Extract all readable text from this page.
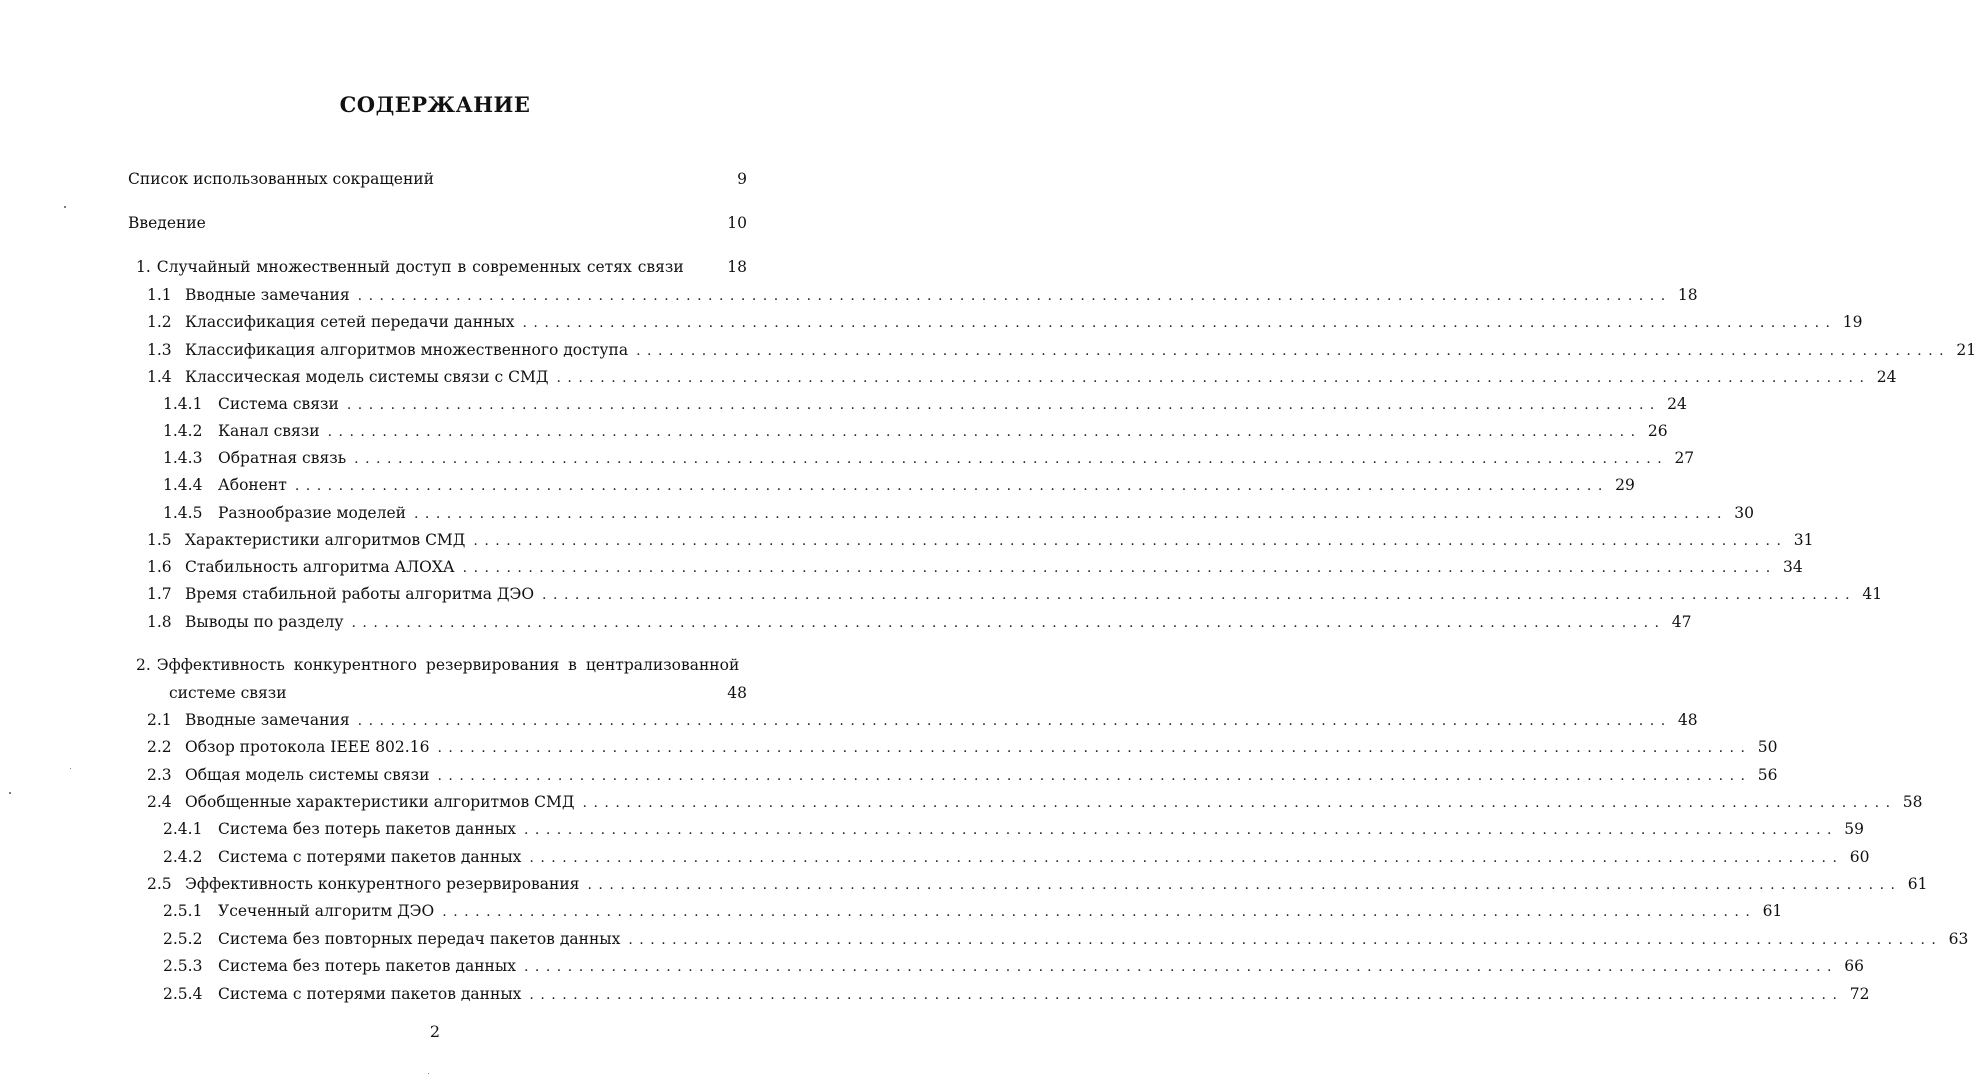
СОДЕРЖАНИЕ
Список использованных сокращений	9
Введение	10
1. Случайный множественный доступ в современных сетях связи	18
1.1 Вводные замечания ........................................................................................................................ 18
1.2 Классификация сетей передачи данных ........................................................................................................................ 19
1.3 Классификация алгоритмов множественного доступа ........................................................................................................................ 21
1.4 Классическая модель системы связи с СМД ........................................................................................................................ 24
1.4.1	Система связи ........................................................................................................................ 24
1.4.2	Канал связи ........................................................................................................................ 26
1.4.3	Обратная связь ........................................................................................................................ 27
1.4.4	Абонент ........................................................................................................................ 29
1.4.5	Разнообразие моделей ........................................................................................................................ 30
1.5 Характеристики алгоритмов СМД ........................................................................................................................ 31
1.6 Стабильность алгоритма АЛОХА ........................................................................................................................ 34
1.7 Время стабильной работы алгоритма ДЭО ........................................................................................................................ 41
1.8 Выводы по разделу ........................................................................................................................ 47
2. Эффективность конкурентного резервирования в централизованной
системе связи	48
2.1 Вводные замечания ........................................................................................................................ 48
2.2 Обзор протокола IEEE 802.16 ........................................................................................................................ 50
2.3 Общая модель системы связи ........................................................................................................................ 56
2.4 Обобщенные характеристики алгоритмов СМД ........................................................................................................................ 58
2.4.1	Система без потерь пакетов данных ........................................................................................................................ 59
2.4.2	Система с потерями пакетов данных ........................................................................................................................ 60
2.5 Эффективность конкурентного резервирования ........................................................................................................................ 61
2.5.1	Усеченный алгоритм ДЭО ........................................................................................................................ 61
2.5.2	Система без повторных передач пакетов данных ........................................................................................................................ 63
2.5.3	Система без потерь пакетов данных ........................................................................................................................ 66
2.5.4	Система с потерями пакетов данных ........................................................................................................................ 72
2
